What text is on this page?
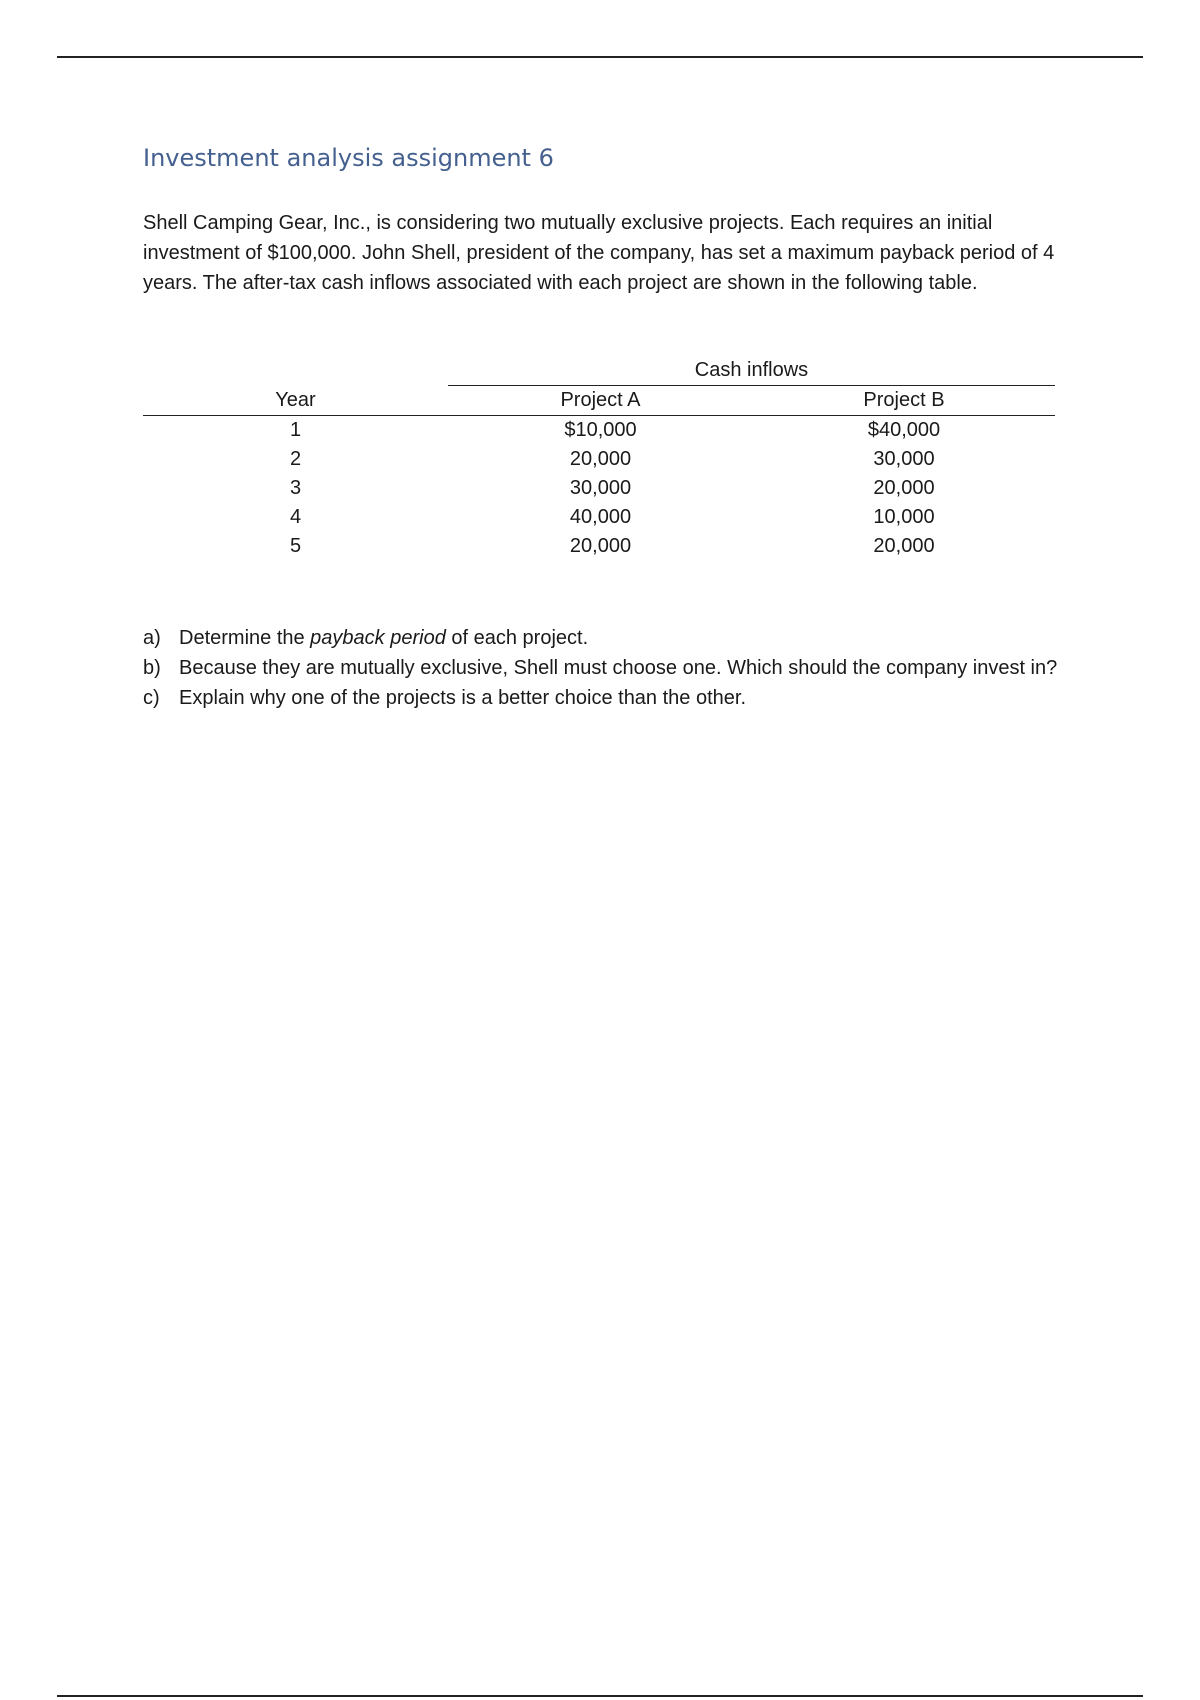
Investment analysis assignment 6

Shell Camping Gear, Inc., is considering two mutually exclusive projects. Each requires an initial investment of $100,000. John Shell, president of the company, has set a maximum payback period of 4 years. The after-tax cash inflows associated with each project are shown in the following table.

	Cash inflows	
Year	Project A	Project B
1	$10,000	$40,000
2	20,000	30,000
3	30,000	20,000
4	40,000	10,000
5	20,000	20,000
a) Determine the payback period of each project.
b) Because they are mutually exclusive, Shell must choose one. Which should the company invest in?
c) Explain why one of the projects is a better choice than the other.
